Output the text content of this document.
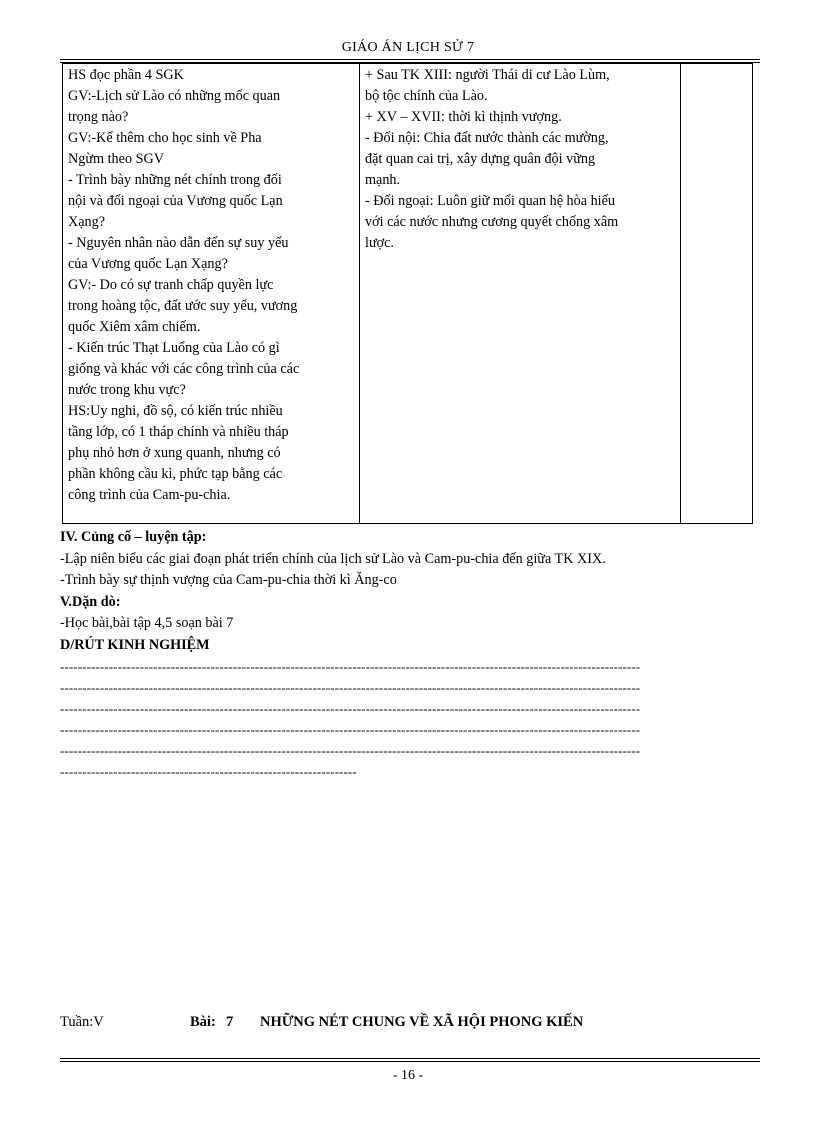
GIÁO ÁN LỊCH SỬ 7
HS đọc phần 4 SGK
GV:-Lịch sử Lào có những mốc quan
trọng nào?
GV:-Kể thêm cho học sinh về Pha
Ngừm theo SGV
- Trình bày những nét chính trong đối
nội và đối ngoại của Vương quốc Lạn
Xạng?
- Nguyên nhân nào dẫn đến sự suy yếu
của Vương quốc Lạn Xạng?
GV:- Do có sự tranh chấp quyền lực
trong hoàng tộc, đất ước suy yếu, vương
quốc Xiêm xâm chiếm.
- Kiến trúc Thạt Luổng của Lào có gì
giống và khác với các công trình của các
nước trong khu vực?
HS:Uy nghi, đồ sộ, có kiến trúc nhiều
tầng lớp, có 1 tháp chính và nhiều tháp
phụ nhỏ hơn ở xung quanh, nhưng có
phần không cầu kì, phức tạp bằng các
công trình của Cam-pu-chia.

+ Sau TK XIII: người Thái di cư Lào Lùm,
bộ tộc chính của Lào.
+ XV – XVII: thời kì thịnh vượng.
- Đối nội: Chia đất nước thành các mường,
đặt quan cai trị, xây dựng quân đội vững
mạnh.
- Đối ngoại: Luôn giữ mối quan hệ hòa hiếu
với các nước nhưng cương quyết chống xâm
lược.

IV. Củng cố – luyện tập:
-Lập niên biểu các giai đoạn phát triển chính của lịch sử Lào và Cam-pu-chia đến giữa TK XIX.
-Trình bày sự thịnh vượng của Cam-pu-chia thời kì Ăng-co
V.Dặn dò:
-Học bài,bài tập 4,5 soạn bài 7
D/RÚT KINH NGHIỆM
-----------------------------------------------------------------------------------------------------------------------------------
-----------------------------------------------------------------------------------------------------------------------------------
-----------------------------------------------------------------------------------------------------------------------------------
-----------------------------------------------------------------------------------------------------------------------------------
-----------------------------------------------------------------------------------------------------------------------------------
-------------------------------------------------------------------
Tuần:V	Bài: 7 NHỮNG NÉT CHUNG VỀ XÃ HỘI PHONG KIẾN
- 16 -
